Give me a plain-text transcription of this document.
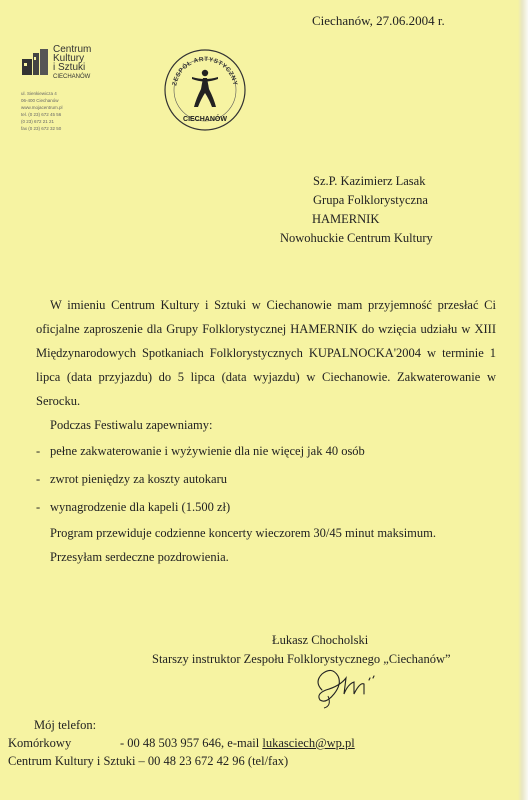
Ciechanów, 27.06.2004 r.
Centrum
Kultury
i Sztuki
CIECHANÓW
ul. Sienkiewicza 4
06-400 Ciechanów
www.mojacentrum.pl
tel. (0 23) 672 45 56
(0 23) 672 21 21
fax (0 23) 672 32 50
ZESPÓŁ ARTYSTYCZNY
CIECHANÓW
Sz.P. Kazimierz Lasak
Grupa Folklorystyczna
HAMERNIK
Nowohuckie Centrum Kultury

W imieniu Centrum Kultury i Sztuki w Ciechanowie mam przyjemność przesłać Ci oficjalne zaproszenie dla Grupy Folklorystycznej HAMERNIK do wzięcia udziału w XIII Międzynarodowych Spotkaniach Folklorystycznych KUPALNOCKA'2004 w terminie 1 lipca (data przyjazdu) do 5 lipca (data wyjazdu) w Ciechanowie. Zakwaterowanie w Serocku.

Podczas Festiwalu zapewniamy:

- pełne zakwaterowanie i wyżywienie dla nie więcej jak 40 osób
- zwrot pieniędzy za koszty autokaru
- wynagrodzenie dla kapeli (1.500 zł)

Program przewiduje codzienne koncerty wieczorem 30/45 minut maksimum.

Przesyłam serdeczne pozdrowienia.

Łukasz Chocholski
Starszy instruktor Zespołu Folklorystycznego „Ciechanów”
Mój telefon:
Komórkowy	- 00 48 503 957 646, e-mail lukasciech@wp.pl
Centrum Kultury i Sztuki – 00 48 23 672 42 96 (tel/fax)
